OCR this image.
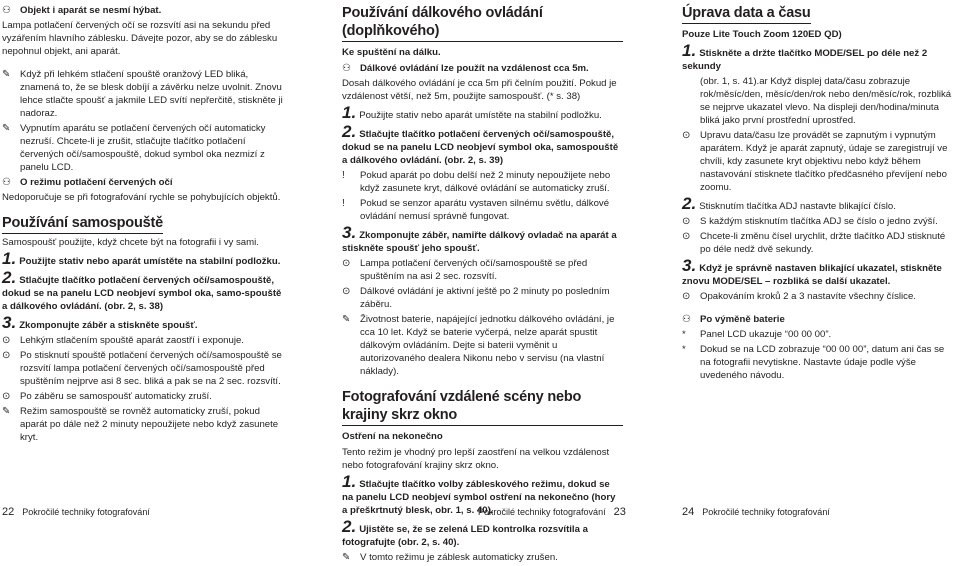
⚇ Objekt i aparát se nesmí hýbat.
Lampa potlačení červených očí se rozsvítí asi na sekundu před vyzářením hlavního záblesku. Dávejte pozor, aby se do záblesku nepohnul objekt, ani aparát.
✎	Když při lehkém stlačení spouště oranžový LED bliká, znamená to, že se blesk dobíjí a závěrku nelze uvolnit. Znovu lehce stlačte spoušť a jakmile LED svítí nepřerčitě, stiskněte ji nadoraz.
✎	Vypnutím aparátu se potlačení červených očí automaticky nezruší. Chcete-li je zrušit, stlačujte tlačítko potlačení červených očí/samospouště, dokud symbol oka nezmizí z panelu LCD.
⚇ O režimu potlačení červených očí
Nedoporučuje se při fotografování rychle se pohybujících objektů.
Používání samospouště
Samospoušť použijte, když chcete být na fotografii i vy sami.
1. Použijte stativ nebo aparát umístěte na stabilní podložku.
2. Stlačujte tlačítko potlačení červených očí/samospouště, dokud se na panelu LCD neobjeví symbol oka, samo-spouště a dálkového ovládání. (obr. 2, s. 38)
3. Zkomponujte záběr a stiskněte spoušť.
⊙	Lehkým stlačením spouště aparát zaostří i exponuje.
⊙	Po stisknutí spouště potlačení červených očí/samospouště se rozsvítí lampa potlačení červených očí/samospouště před spuštěním nejprve asi 8 sec. bliká a pak se na 2 sec. rozsvítí.
⊙	Po záběru se samospoušť automaticky zruší.
✎	Režim samospouště se rovněž automaticky zruší, pokud aparát po dále než 2 minuty nepoužijete nebo když zasunete kryt.
Používání dálkového ovládání (doplňkového)
Ke spuštění na dálku.
⚇ Dálkové ovládání lze použít na vzdálenost cca 5m.
Dosah dálkového ovládání je cca 5m při čelním použití. Pokud je vzdálenost větší, než 5m, použijte samospoušť. (* s. 38)
1. Použijte stativ nebo aparát umístěte na stabilní podložku.
2. Stlačujte tlačítko potlačení červených očí/samospouště, dokud se na panelu LCD neobjeví symbol oka, samospouště a dálkového ovládání. (obr. 2, s. 39)
!	Pokud aparát po dobu delší než 2 minuty nepoužijete nebo když zasunete kryt, dálkové ovládání se automaticky zruší.
!	Pokud se senzor aparátu vystaven silnému světlu, dálkové ovládání nemusí správně fungovat.
3. Zkomponujte záběr, namiřte dálkový ovladač na aparát a stiskněte spoušť jeho spoušť.
⊙	Lampa potlačení červených očí/samospouště se před spuštěním na asi 2 sec. rozsvítí.
⊙	Dálkové ovládání je aktivní ještě po 2 minuty po posledním záběru.
✎	Životnost baterie, napájející jednotku dálkového ovládání, je cca 10 let. Když se baterie vyčerpá, nelze aparát spustit dálkovým ovládáním. Dejte si baterii vyměnit u autorizovaného dealera Nikonu nebo v servisu (na vlastní náklady).
Fotografování vzdálené scény nebo krajiny skrz okno
Ostření na nekonečno
Tento režim je vhodný pro lepší zaostření na velkou vzdálenost nebo fotografování krajiny skrz okno.
1. Stlačujte tlačítko volby zábleskového režimu, dokud se na panelu LCD neobjeví symbol ostření na nekonečno (hory a přeškrtnutý blesk, obr. 1, s. 40).
2. Ujistěte se, že se zelená LED kontrolka rozsvítila a fotografujte (obr. 2, s. 40).
✎	V tomto režimu je záblesk automaticky zrušen.
Úprava data a času
Pouze Lite Touch Zoom 120ED QD)
1. Stiskněte a držte tlačítko MODE/SEL po déle než 2 sekundy
(obr. 1, s. 41).ar Když displej data/času zobrazuje rok/měsíc/den, měsíc/den/rok nebo den/měsíc/rok, rozbliká se nejprve ukazatel vlevo. Na displeji den/hodina/minuta bliká jako první prostřední uprostřed.
⊙	Upravu data/času lze provádět se zapnutým i vypnutým aparátem. Když je aparát zapnutý, údaje se zaregistrují ve chvíli, kdy zasunete kryt objektivu nebo když během nastavování stisknete tlačítko předčasného převíjení nebo zoomu.
2. Stisknutím tlačítka ADJ nastavte blikající číslo.
⊙	S každým stisknutím tlačítka ADJ se číslo o jedno zvýší.
⊙	Chcete-li změnu čísel urychlit, držte tlačítko ADJ stisknuté po déle nedž dvě sekundy.
3. Když je správně nastaven blikající ukazatel, stiskněte znovu MODE/SEL – rozbliká se další ukazatel.
⊙	Opakováním kroků 2 a 3 nastavíte všechny číslice.
⚇ Po výměně baterie
* Panel LCD ukazuje “00 00 00”.
* Dokud se na LCD zobrazuje “00 00 00”, datum ani čas se na fotografii nevytiskne. Nastavte údaje podle výše uvedeného návodu.
22 Pokročilé techniky fotografování	Pokročilé techniky fotografování 23	24 Pokročilé techniky fotografování
